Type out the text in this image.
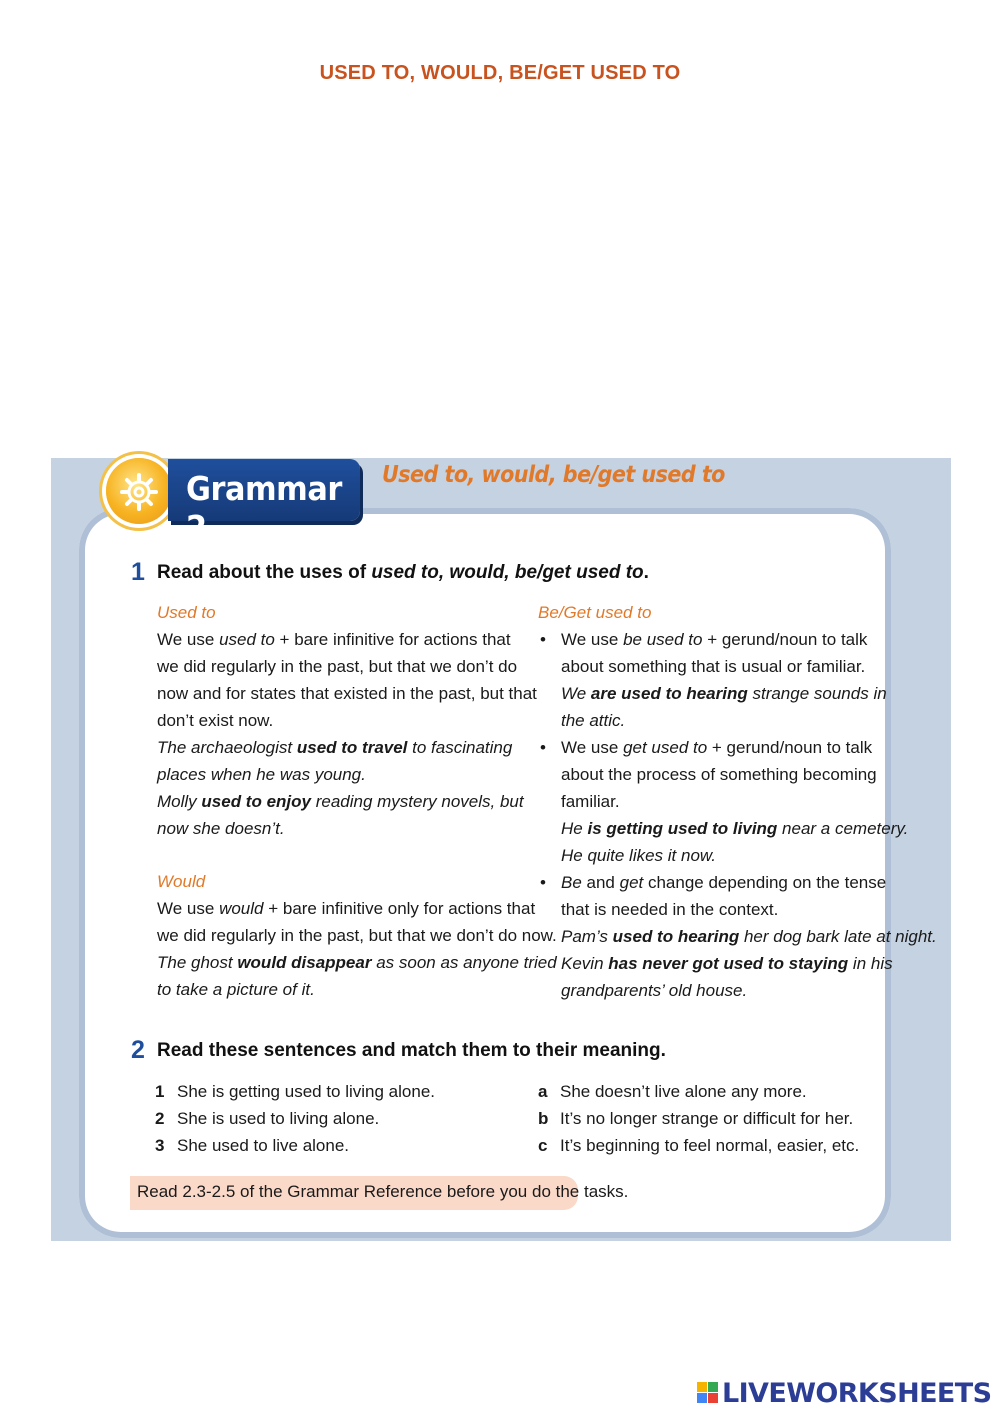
USED TO, WOULD, BE/GET USED TO
Grammar 2
Used to, would, be/get used to
1 Read about the uses of used to, would, be/get used to.
Used to
We use used to + bare infinitive for actions that
we did regularly in the past, but that we don’t do
now and for states that existed in the past, but that
don’t exist now.
The archaeologist used to travel to fascinating
places when he was young.
Molly used to enjoy reading mystery novels, but
now she doesn’t.
Would
We use would + bare infinitive only for actions that
we did regularly in the past, but that we don’t do now.
The ghost would disappear as soon as anyone tried
to take a picture of it.
Be/Get used to
• We use be used to + gerund/noun to talk
about something that is usual or familiar.
We are used to hearing strange sounds in
the attic.
• We use get used to + gerund/noun to talk
about the process of something becoming
familiar.
He is getting used to living near a cemetery.
He quite likes it now.
• Be and get change depending on the tense
that is needed in the context.
Pam’s used to hearing her dog bark late at night.
Kevin has never got used to staying in his
grandparents’ old house.
2 Read these sentences and match them to their meaning.
1 She is getting used to living alone.
2 She is used to living alone.
3 She used to live alone.
a She doesn’t live alone any more.
b It’s no longer strange or difficult for her.
c It’s beginning to feel normal, easier, etc.
Read 2.3-2.5 of the Grammar Reference before you do the tasks.
LIVEWORKSHEETS
